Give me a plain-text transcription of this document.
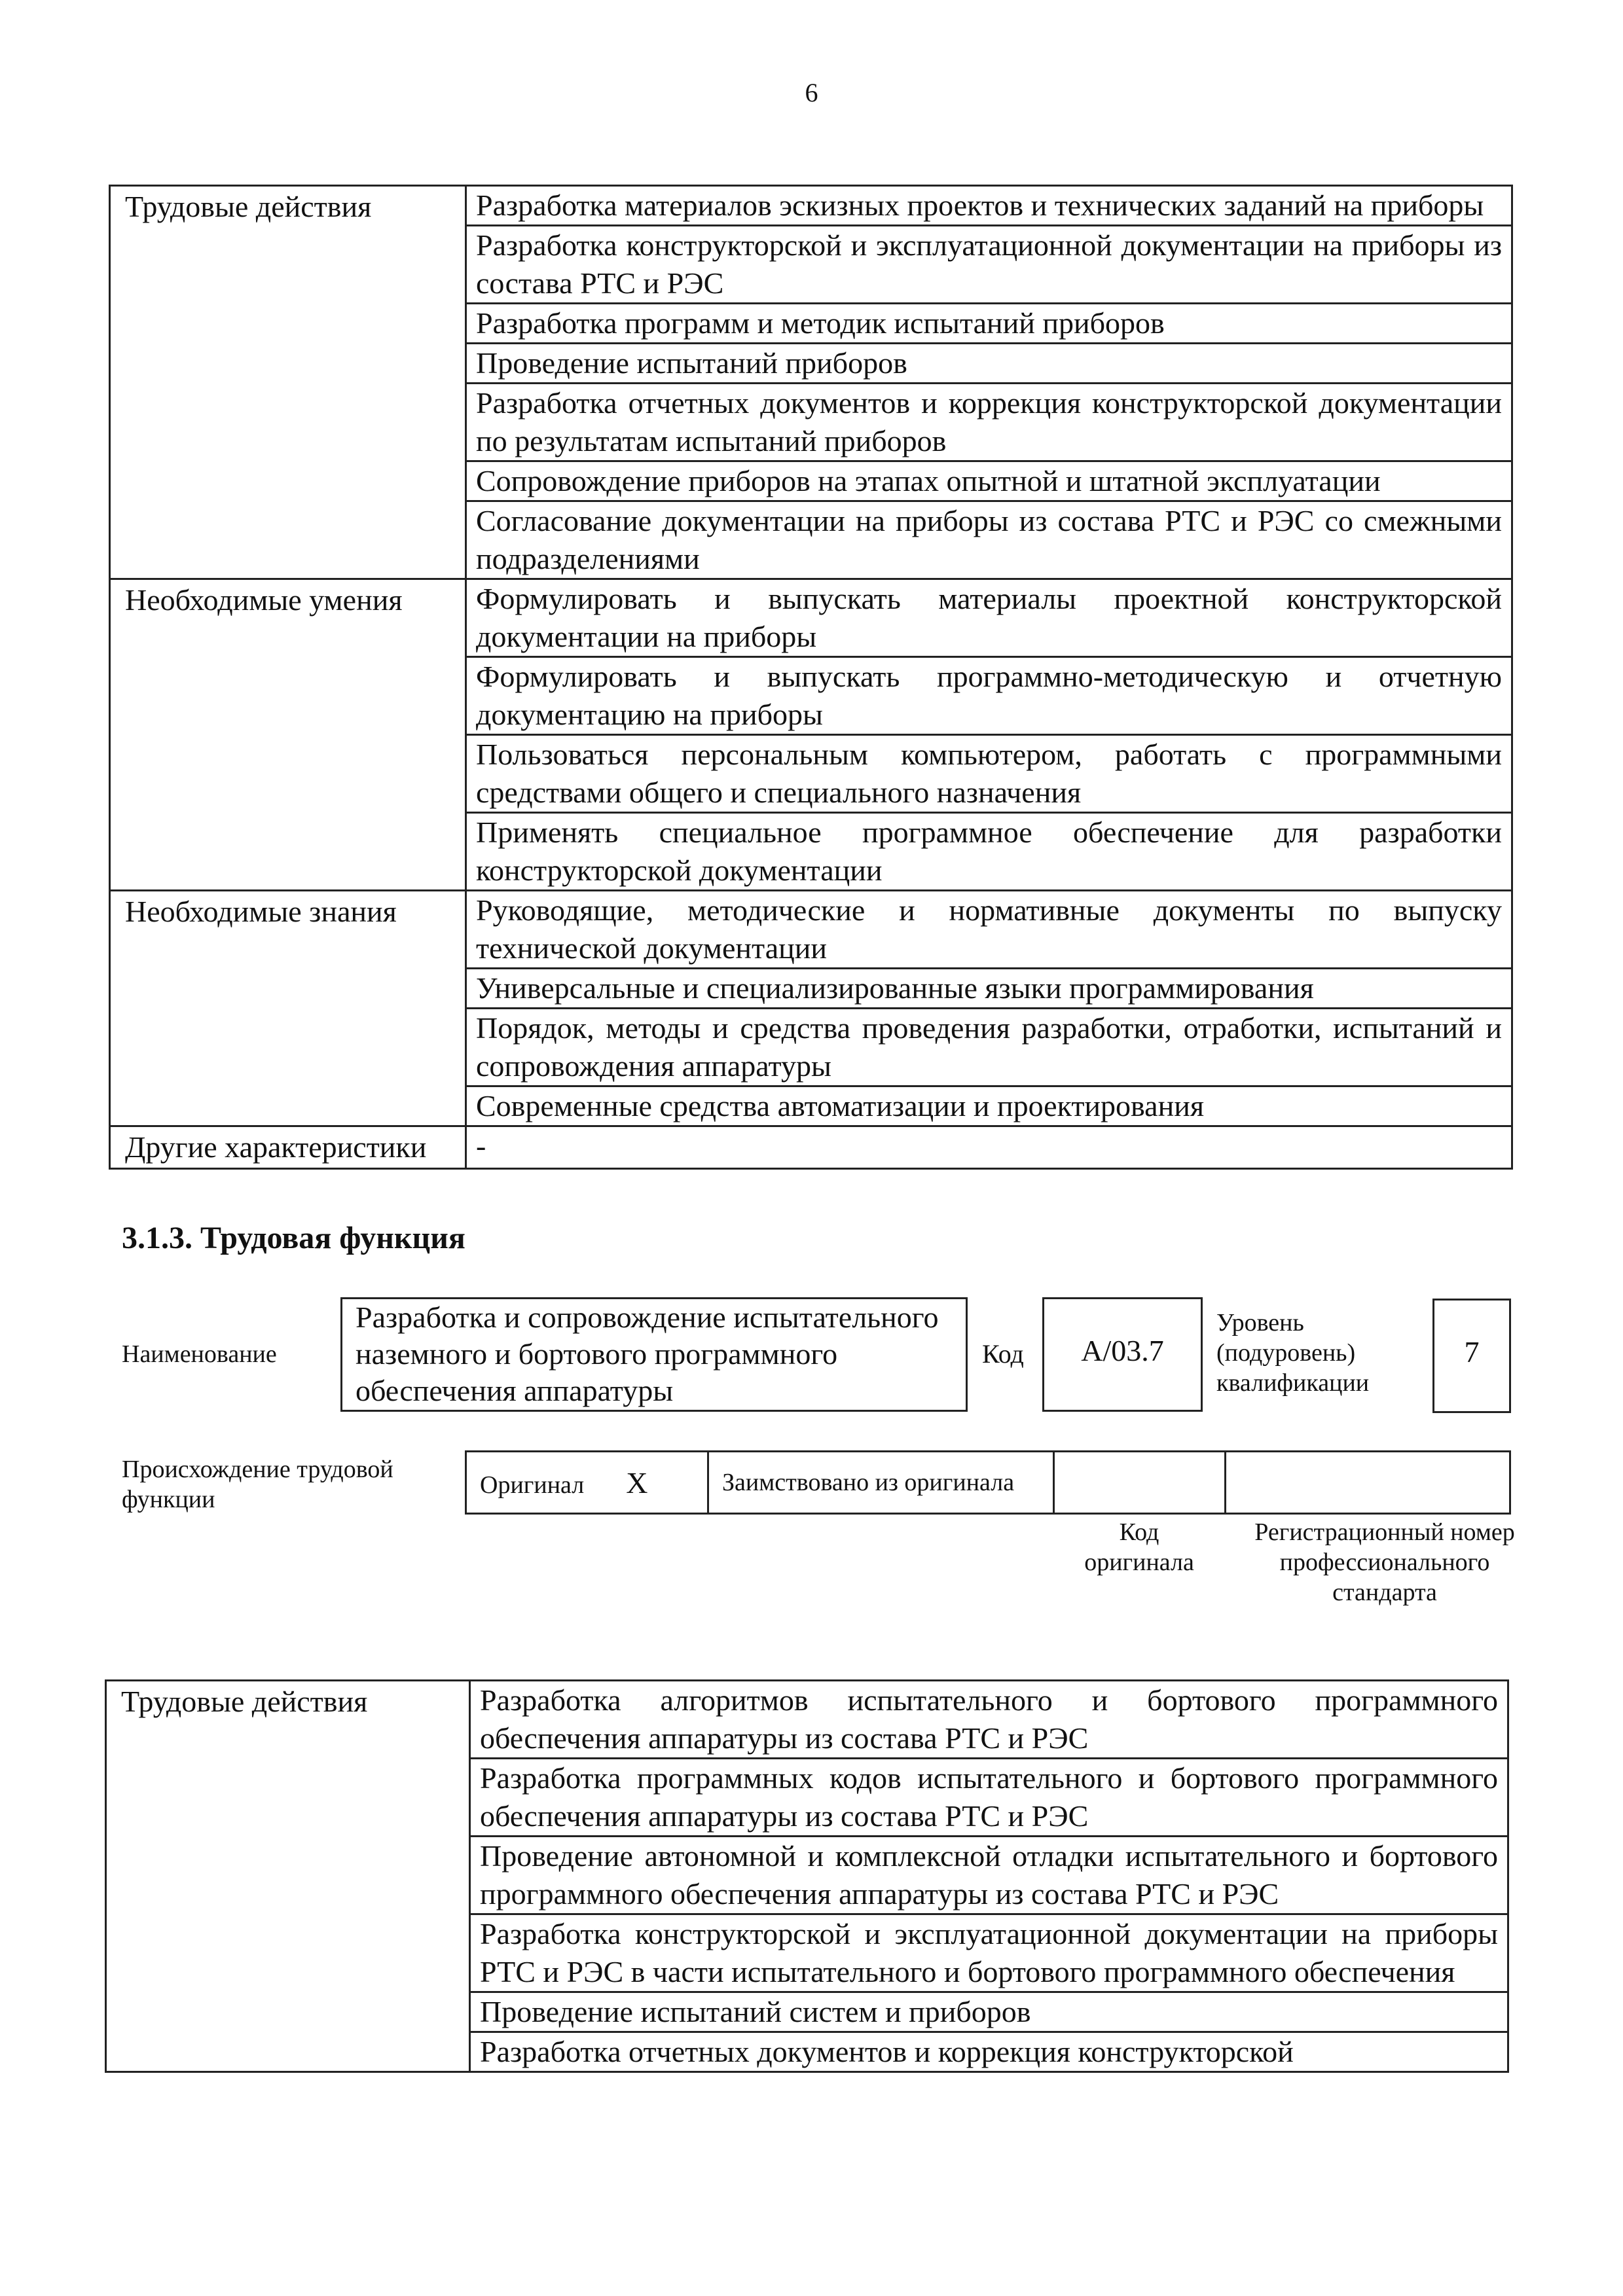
6
Трудовые действия	Разработка материалов эскизных проектов и технических заданий на приборы
	Разработка конструкторской и эксплуатационной документации на приборы из состава РТС и РЭС
	Разработка программ и методик испытаний приборов
	Проведение испытаний приборов
	Разработка отчетных документов и коррекция конструкторской документации по результатам испытаний приборов
	Сопровождение приборов на этапах опытной и штатной эксплуатации
	Согласование документации на приборы из состава РТС и РЭС со смежными подразделениями
Необходимые умения	Формулировать и выпускать материалы проектной конструкторской документации на приборы
	Формулировать и выпускать программно-методическую и отчетную документацию на приборы
	Пользоваться персональным компьютером, работать с программными средствами общего и специального назначения
	Применять специальное программное обеспечение для разработки конструкторской документации
Необходимые знания	Руководящие, методические и нормативные документы по выпуску технической документации
	Универсальные и специализированные языки программирования
	Порядок, методы и средства проведения разработки, отработки, испытаний и сопровождения аппаратуры
	Современные средства автоматизации и проектирования
Другие характеристики	-
3.1.3. Трудовая функция
Наименование
Разработка и сопровождение испытательного наземного и бортового программного обеспечения аппаратуры
Код	А/03.7
Уровень (подуровень) квалификации
7
Происхождение трудовой функции
Оригинал X	Заимствовано из оригинала		
Код оригинала
Регистрационный номер профессионального стандарта
Трудовые действия	Разработка алгоритмов испытательного и бортового программного обеспечения аппаратуры из состава РТС и РЭС
Разработка программных кодов испытательного и бортового программного обеспечения аппаратуры из состава РТС и РЭС
Проведение автономной и комплексной отладки испытательного и бортового программного обеспечения аппаратуры из состава РТС и РЭС
Разработка конструкторской и эксплуатационной документации на приборы РТС и РЭС в части испытательного и бортового программного обеспечения
Проведение испытаний систем и приборов
Разработка отчетных документов и коррекция конструкторской
